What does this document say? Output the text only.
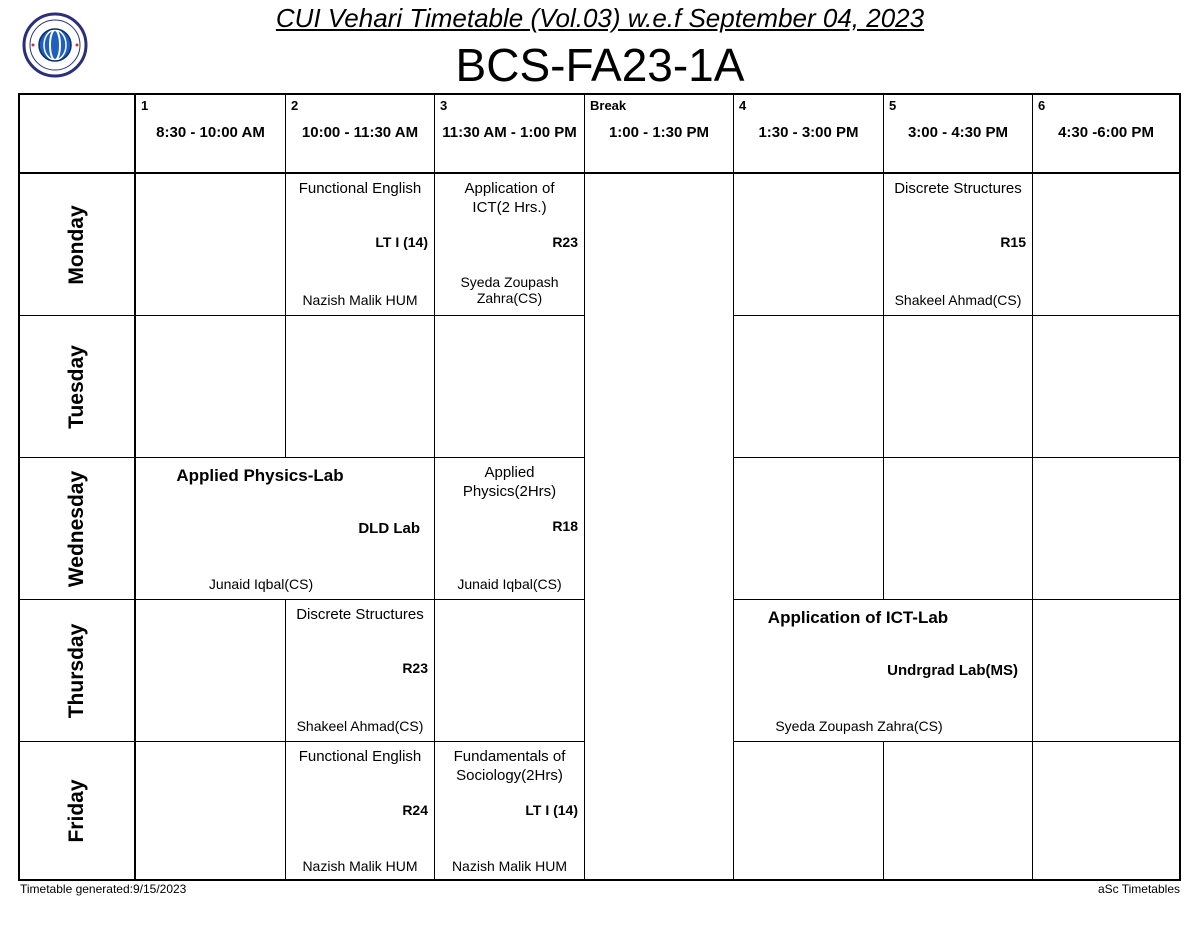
CUI Vehari Timetable (Vol.03) w.e.f September 04, 2023
BCS-FA23-1A
1
8:30 - 10:00 AM
2
10:00 - 11:30 AM
3
11:30 AM - 1:00 PM
Break
1:00 - 1:30 PM
4
1:30 - 3:00 PM
5
3:00 - 4:30 PM
6
4:30 -6:00 PM
Monday
Tuesday
Wednesday
Thursday
Friday
Functional English
LT I (14)
Nazish Malik HUM
Application of ICT(2 Hrs.)
R23
Syeda Zoupash Zahra(CS)
Discrete Structures
R15
Shakeel Ahmad(CS)
Applied Physics-Lab
DLD Lab
Junaid Iqbal(CS)
Applied Physics(2Hrs)
R18
Junaid Iqbal(CS)
Discrete Structures
R23
Shakeel Ahmad(CS)
Application of ICT-Lab
Undrgrad Lab(MS)
Syeda Zoupash Zahra(CS)
Functional English
R24
Nazish Malik HUM
Fundamentals of Sociology(2Hrs)
LT I (14)
Nazish Malik HUM
Timetable generated:9/15/2023	aSc Timetables
